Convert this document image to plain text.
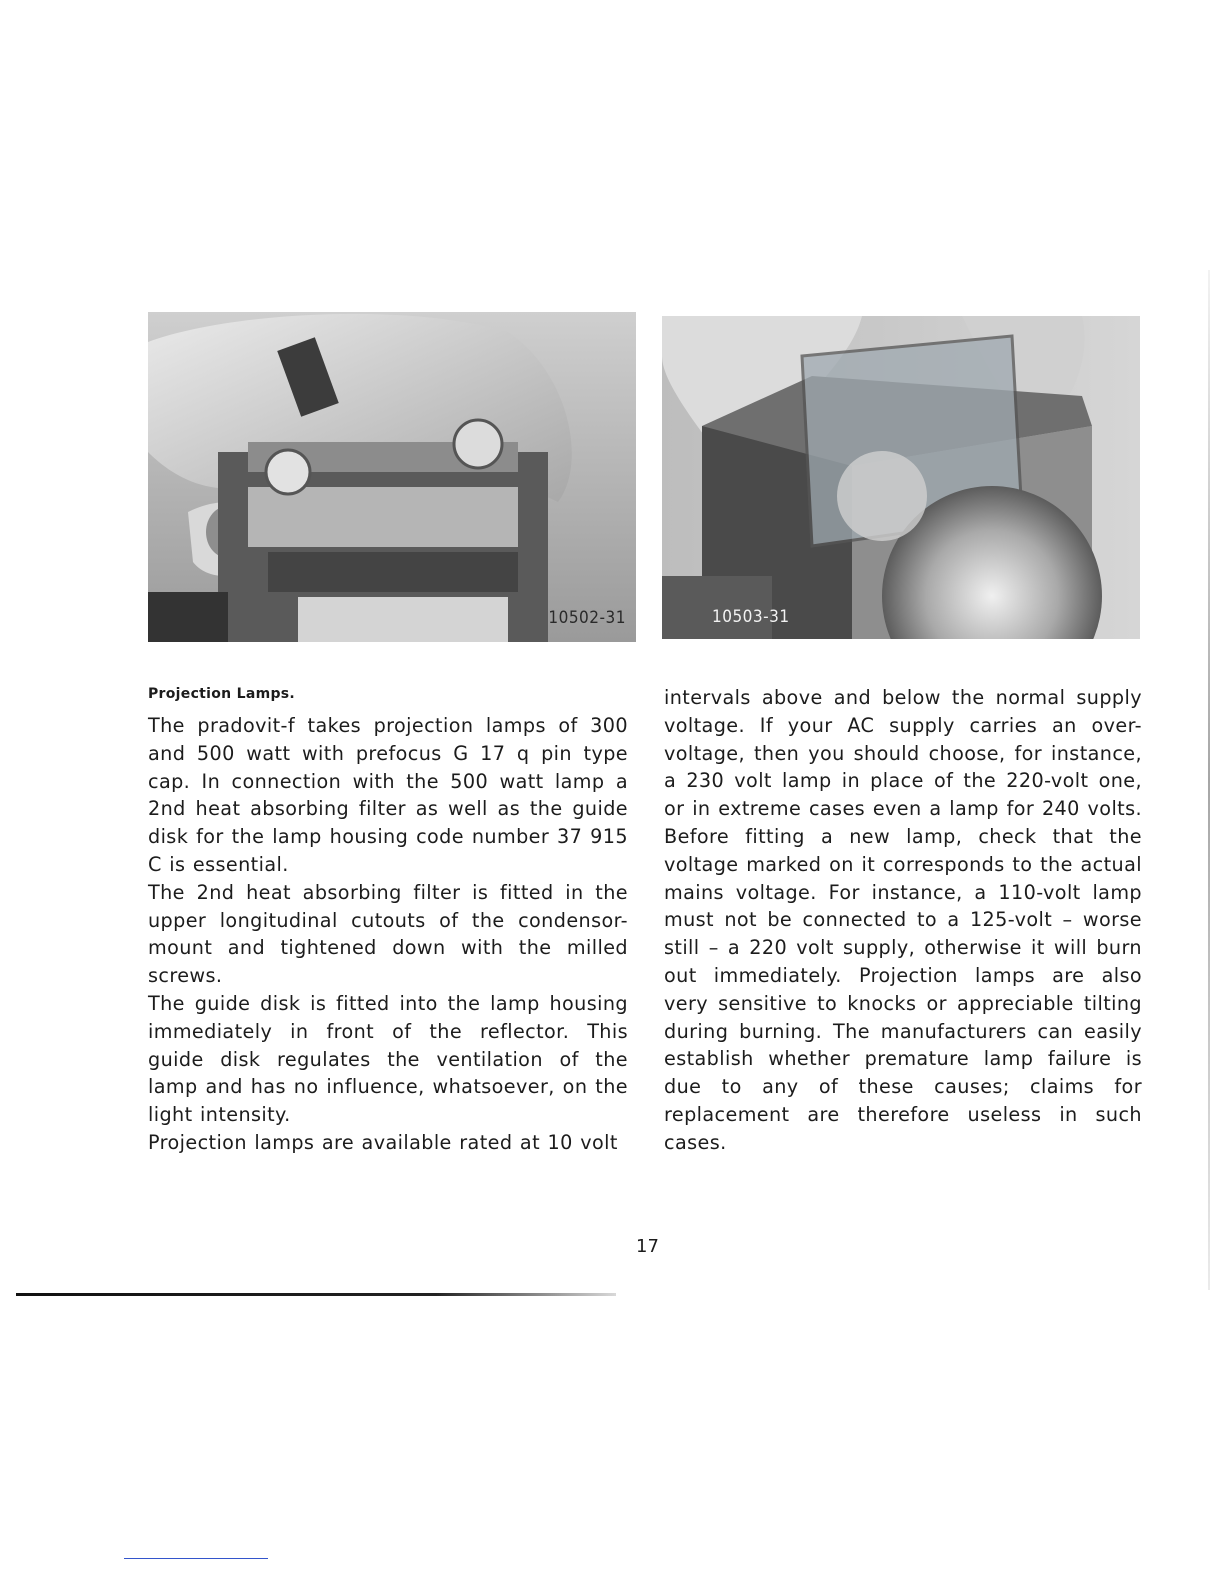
10502-31	10503-31

Projection Lamps.

The pradovit-f takes projection lamps of 300 and 500 watt with prefocus G 17 q pin type cap. In connection with the 500 watt lamp a 2nd heat absorbing filter as well as the guide disk for the lamp housing code number 37 915 C is essential.

The 2nd heat absorbing filter is fitted in the upper longitudinal cutouts of the condensor-mount and tightened down with the milled screws.

The guide disk is fitted into the lamp housing immediately in front of the reflector. This guide disk regulates the ventilation of the lamp and has no influence, whatsoever, on the light intensity.

Projection lamps are available rated at 10 volt

intervals above and below the normal supply voltage. If your AC supply carries an over-voltage, then you should choose, for instance, a 230 volt lamp in place of the 220-volt one, or in extreme cases even a lamp for 240 volts. Before fitting a new lamp, check that the voltage marked on it corresponds to the actual mains voltage. For instance, a 110-volt lamp must not be connected to a 125-volt – worse still – a 220 volt supply, otherwise it will burn out immediately. Projection lamps are also very sensitive to knocks or appreciable tilting during burning. The manufacturers can easily establish whether premature lamp failure is due to any of these causes; claims for replacement are therefore useless in such cases.

17
